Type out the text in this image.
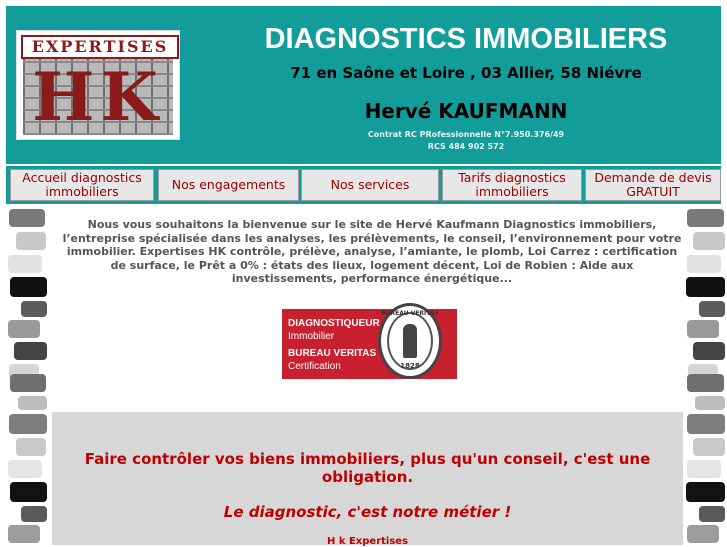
EXPERTISES
HK
DIAGNOSTICS IMMOBILIERS
71 en Saône et Loire , 03 Allier, 58 Niévre
Hervé KAUFMANN
Contrat RC PRofessionnelle N°7.950.376/49
RCS 484 902 572
Accueil diagnostics immobiliers	Nos engagements	Nos services	Tarifs diagnostics immobiliers
Demande de devis GRATUIT
Nous vous souhaitons la bienvenue sur le site de Hervé Kaufmann Diagnostics immobiliers, l’entreprise spécialisée dans les analyses, les prélèvements, le conseil, l’environnement pour votre immobilier. Expertises HK contrôle, prélève, analyse, l’amiante, le plomb, Loi Carrez : certification de surface, le Prêt a 0% : états des lieux, logement décent, Loi de Robien : Aide aux investissements, performance énergétique...
DIAGNOSTIQUEUR
Immobilier
BUREAU VERITAS
Certification
BUREAU VERITAS
1828
Faire contrôler vos biens immobiliers, plus qu'un conseil, c'est une obligation.
Le diagnostic, c'est notre métier !
H k Expertises
